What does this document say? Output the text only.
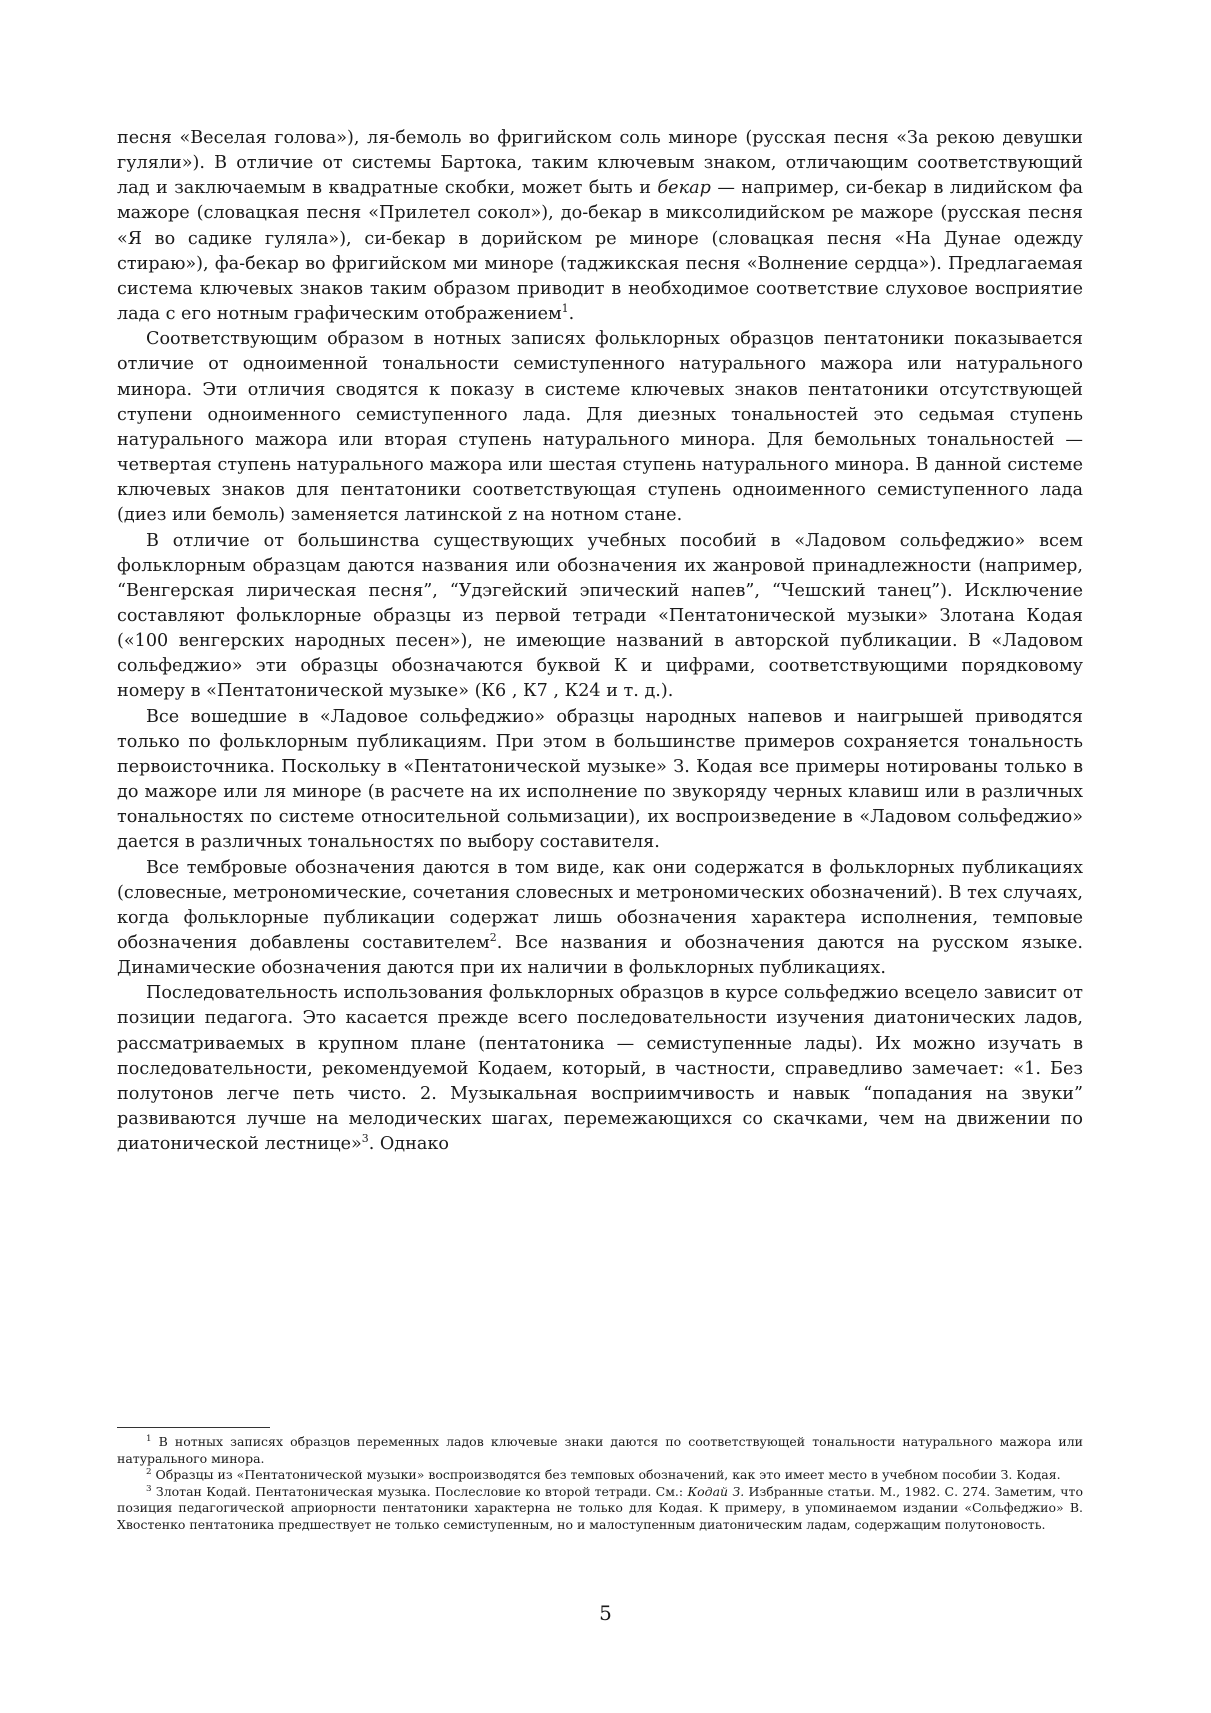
песня «Веселая голова»), ля-бемоль во фригийском соль миноре (русская песня «За рекою девушки гуляли»). В отличие от системы Бартока, таким ключевым знаком, отличающим соответствующий лад и заключаемым в квадратные скобки, может быть и бекар — например, си-бекар в лидийском фа мажоре (словацкая песня «Прилетел сокол»), до-бекар в миксолидийском ре мажоре (русская песня «Я во садике гуляла»), си-бекар в дорийском ре миноре (словацкая песня «На Дунае одежду стираю»), фа-бекар во фригийском ми миноре (таджикская песня «Волнение сердца»). Предлагаемая система ключевых знаков таким образом приводит в необходимое соответствие слуховое восприятие лада с его нотным графическим отображением$^1$.

Соответствующим образом в нотных записях фольклорных образцов пентатоники показывается отличие от одноименной тональности семиступенного натурального мажора или натурального минора. Эти отличия сводятся к показу в системе ключевых знаков пентатоники отсутствующей ступени одноименного семиступенного лада. Для диезных тональностей это седьмая ступень натурального мажора или вторая ступень натурального минора. Для бемольных тональностей — четвертая ступень натурального мажора или шестая ступень натурального минора. В данной системе ключевых знаков для пентатоники соответствующая ступень одноименного семиступенного лада (диез или бемоль) заменяется латинской z на нотном стане.

В отличие от большинства существующих учебных пособий в «Ладовом сольфеджио» всем фольклорным образцам даются названия или обозначения их жанровой принадлежности (например, “Венгерская лирическая песня”, “Удэгейский эпический напев”, “Чешский танец”). Исключение составляют фольклорные образцы из первой тетради «Пентатонической музыки» Злотана Кодая («100 венгерских народных песен»), не имеющие названий в авторской публикации. В «Ладовом сольфеджио» эти образцы обозначаются буквой К и цифрами, соответствующими порядковому номеру в «Пентатонической музыке» (К6 , К7 , К24 и т. д.).

Все вошедшие в «Ладовое сольфеджио» образцы народных напевов и наигрышей приводятся только по фольклорным публикациям. При этом в большинстве примеров сохраняется тональность первоисточника. Поскольку в «Пентатонической музыке» З. Кодая все примеры нотированы только в до мажоре или ля миноре (в расчете на их исполнение по звукоряду черных клавиш или в различных тональностях по системе относительной сольмизации), их воспроизведение в «Ладовом сольфеджио» дается в различных тональностях по выбору составителя.

Все тембровые обозначения даются в том виде, как они содержатся в фольклорных публикациях (словесные, метрономические, сочетания словесных и метрономических обозначений). В тех случаях, когда фольклорные публикации содержат лишь обозначения характера исполнения, темповые обозначения добавлены составителем$^2$. Все названия и обозначения даются на русском языке. Динамические обозначения даются при их наличии в фольклорных публикациях.

Последовательность использования фольклорных образцов в курсе сольфеджио всецело зависит от позиции педагога. Это касается прежде всего последовательности изучения диатонических ладов, рассматриваемых в крупном плане (пентатоника — семиступенные лады). Их можно изучать в последовательности, рекомендуемой Кодаем, который, в частности, справедливо замечает: «1. Без полутонов легче петь чисто. 2. Музыкальная восприимчивость и навык “попадания на звуки” развиваются лучше на мелодических шагах, перемежающихся со скачками, чем на движении по диатонической лестнице»$^3$. Однако

$^1$ В нотных записях образцов переменных ладов ключевые знаки даются по соответствующей тональности натурального мажора или натурального минора.

$^2$ Образцы из «Пентатонической музыки» воспроизводятся без темповых обозначений, как это имеет место в учебном пособии З. Кодая.

$^3$ Злотан Кодай. Пентатоническая музыка. Послесловие ко второй тетради. См.: Кодай З. Избранные статьи. М., 1982. С. 274. Заметим, что позиция педагогической априорности пентатоники характерна не только для Кодая. К примеру, в упоминаемом издании «Сольфеджио» В. Хвостенко пентатоника предшествует не только семиступенным, но и малоступенным диатоническим ладам, содержащим полутоновость.

5
